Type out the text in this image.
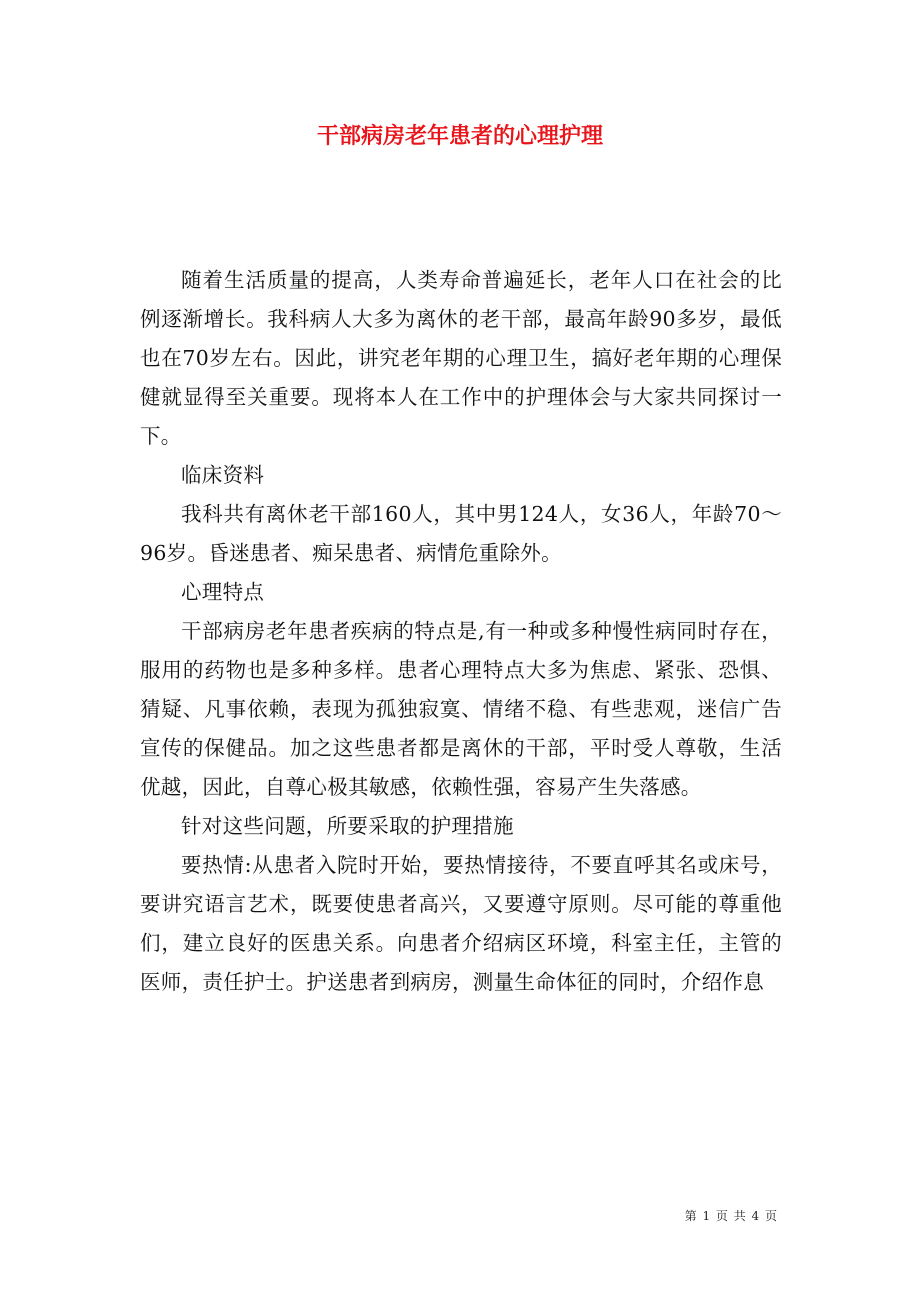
干部病房老年患者的心理护理

随着生活质量的提高，人类寿命普遍延长，老年人口在社会的比例逐渐增长。我科病人大多为离休的老干部，最高年龄90多岁，最低也在70岁左右。因此，讲究老年期的心理卫生，搞好老年期的心理保健就显得至关重要。现将本人在工作中的护理体会与大家共同探讨一下。

临床资料

我科共有离休老干部160人，其中男124人，女36人，年龄70～96岁。昏迷患者、痴呆患者、病情危重除外。

心理特点

干部病房老年患者疾病的特点是,有一种或多种慢性病同时存在，服用的药物也是多种多样。患者心理特点大多为焦虑、紧张、恐惧、猜疑、凡事依赖，表现为孤独寂寞、情绪不稳、有些悲观，迷信广告宣传的保健品。加之这些患者都是离休的干部，平时受人尊敬，生活优越，因此，自尊心极其敏感，依赖性强，容易产生失落感。

针对这些问题，所要采取的护理措施

要热情:从患者入院时开始，要热情接待，不要直呼其名或床号，要讲究语言艺术，既要使患者高兴，又要遵守原则。尽可能的尊重他们，建立良好的医患关系。向患者介绍病区环境，科室主任，主管的医师，责任护士。护送患者到病房，测量生命体征的同时，介绍作息

第 1 页 共 4 页
